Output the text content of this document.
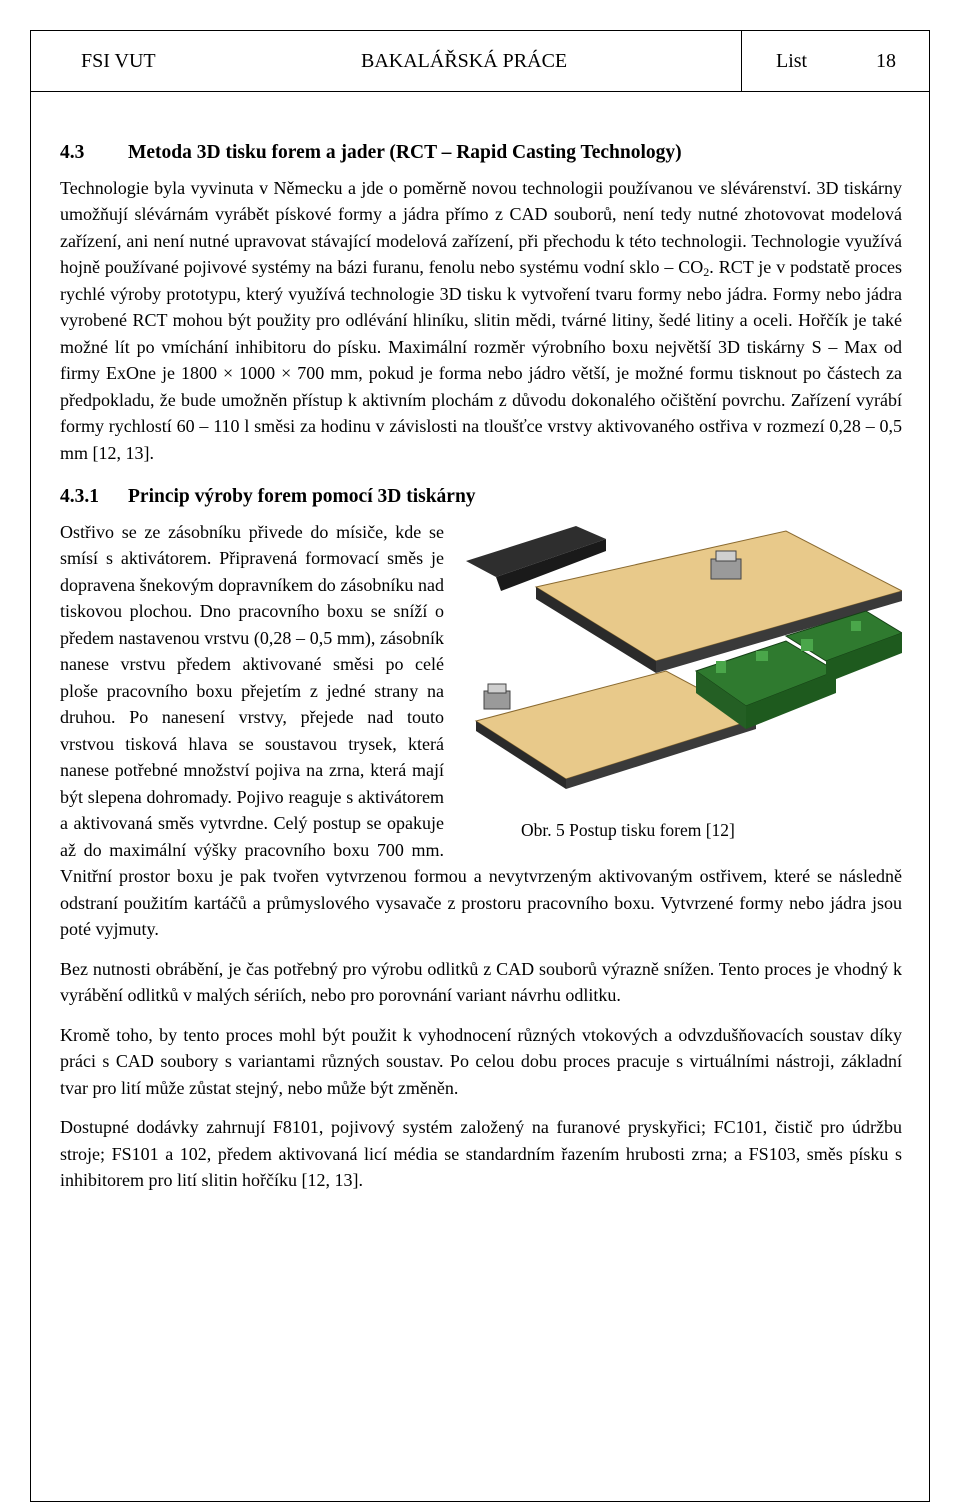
FSI VUT	BAKALÁŘSKÁ PRÁCE	List	18
4.3	Metoda 3D tisku forem a jader (RCT – Rapid Casting Technology)

Technologie byla vyvinuta v Německu a jde o poměrně novou technologii používanou ve slévárenství. 3D tiskárny umožňují slévárnám vyrábět pískové formy a jádra přímo z CAD souborů, není tedy nutné zhotovovat modelová zařízení, ani není nutné upravovat stávající modelová zařízení, při přechodu k této technologii. Technologie využívá hojně používané pojivové systémy na bázi furanu, fenolu nebo systému vodní sklo – $CO_2$. RCT je v podstatě proces rychlé výroby prototypu, který využívá technologie 3D tisku k vytvoření tvaru formy nebo jádra. Formy nebo jádra vyrobené RCT mohou být použity pro odlévání hliníku, slitin mědi, tvárné litiny, šedé litiny a oceli. Hořčík je také možné lít po vmíchání inhibitoru do písku. Maximální rozměr výrobního boxu největší 3D tiskárny S – Max od firmy ExOne je 1800 × 1000 × 700 mm, pokud je forma nebo jádro větší, je možné formu tisknout po částech za předpokladu, že bude umožněn přístup k aktivním plochám z důvodu dokonalého očištění povrchu. Zařízení vyrábí formy rychlostí 60 – 110 l směsi za hodinu v závislosti na tloušťce vrstvy aktivovaného ostřiva v rozmezí 0,28 – 0,5 mm [12, 13].

4.3.1	Princip výroby forem pomocí 3D tiskárny
Obr. 5 Postup tisku forem [12]

Ostřivo se ze zásobníku přivede do mísiče, kde se smísí s aktivátorem. Připravená formovací směs je dopravena šnekovým dopravníkem do zásobníku nad tiskovou plochou. Dno pracovního boxu se sníží o předem nastavenou vrstvu (0,28 – 0,5 mm), zásobník nanese vrstvu předem aktivované směsi po celé ploše pracovního boxu přejetím z jedné strany na druhou. Po nanesení vrstvy, přejede nad touto vrstvou tisková hlava se soustavou trysek, která nanese potřebné množství pojiva na zrna, která mají být slepena dohromady. Pojivo reaguje s aktivátorem a aktivovaná směs vytvrdne. Celý postup se opakuje až do maximální výšky pracovního boxu 700 mm. Vnitřní prostor boxu je pak tvořen vytvrzenou formou a nevytvrzeným aktivovaným ostřivem, které se následně odstraní použitím kartáčů a průmyslového vysavače z prostoru pracovního boxu. Vytvrzené formy nebo jádra jsou poté vyjmuty.

Bez nutnosti obrábění, je čas potřebný pro výrobu odlitků z CAD souborů výrazně snížen. Tento proces je vhodný k vyrábění odlitků v malých sériích, nebo pro porovnání variant návrhu odlitku.

Kromě toho, by tento proces mohl být použit k vyhodnocení různých vtokových a odvzdušňovacích soustav díky práci s CAD soubory s variantami různých soustav. Po celou dobu proces pracuje s virtuálními nástroji, základní tvar pro lití může zůstat stejný, nebo může být změněn.

Dostupné dodávky zahrnují F8101, pojivový systém založený na furanové pryskyřici; FC101, čistič pro údržbu stroje; FS101 a 102, předem aktivovaná licí média se standardním řazením hrubosti zrna; a FS103, směs písku s inhibitorem pro lití slitin hořčíku [12, 13].
